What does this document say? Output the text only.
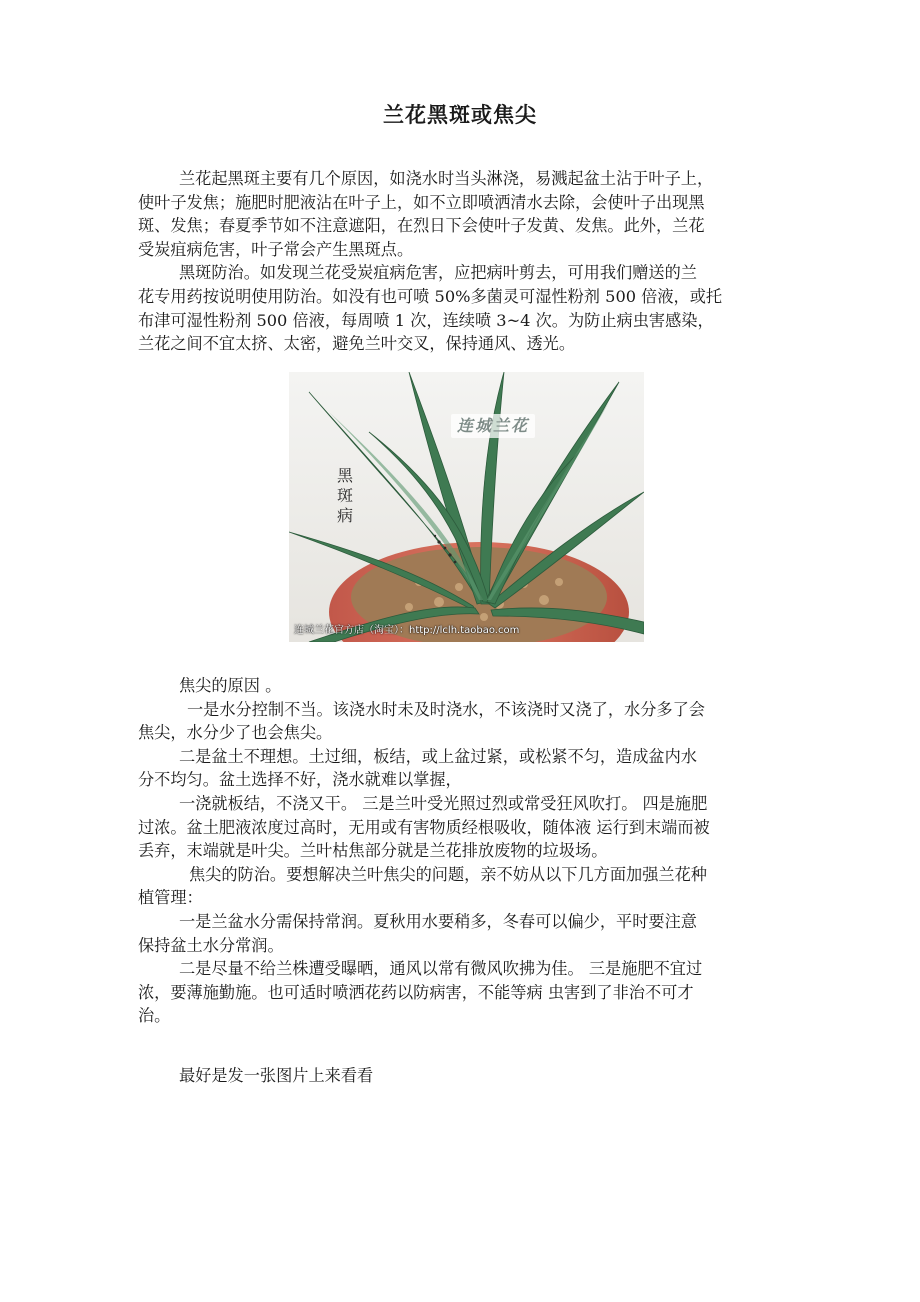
兰花黑斑或焦尖

兰花起黑斑主要有几个原因，如浇水时当头淋浇，易溅起盆土沾于叶子上，

使叶子发焦；施肥时肥液沾在叶子上，如不立即喷洒清水去除，会使叶子出现黑

斑、发焦；春夏季节如不注意遮阳，在烈日下会使叶子发黄、发焦。此外，兰花

受炭疽病危害，叶子常会产生黑斑点。

黑斑防治。如发现兰花受炭疽病危害，应把病叶剪去，可用我们赠送的兰

花专用药按说明使用防治。如没有也可喷 50%多菌灵可湿性粉剂 500 倍液，或托

布津可湿性粉剂 500 倍液，每周喷 1 次，连续喷 3~4 次。为防止病虫害感染，

兰花之间不宜太挤、太密，避免兰叶交叉，保持通风、透光。

黑斑病
连城兰花
连城兰花官方店（淘宝）：http://lclh.taobao.com

焦尖的原因 。

一是水分控制不当。该浇水时未及时浇水，不该浇时又浇了，水分多了会

焦尖，水分少了也会焦尖。

二是盆土不理想。土过细，板结，或上盆过紧，或松紧不匀，造成盆内水

分不均匀。盆土选择不好，浇水就难以掌握，

一浇就板结，不浇又干。 三是兰叶受光照过烈或常受狂风吹打。 四是施肥

过浓。盆土肥液浓度过高时，无用或有害物质经根吸收，随体液 运行到末端而被

丢弃，末端就是叶尖。兰叶枯焦部分就是兰花排放废物的垃圾场。

焦尖的防治。要想解决兰叶焦尖的问题，亲不妨从以下几方面加强兰花种

植管理：

一是兰盆水分需保持常润。夏秋用水要稍多，冬春可以偏少，平时要注意

保持盆土水分常润。

二是尽量不给兰株遭受曝晒，通风以常有微风吹拂为佳。 三是施肥不宜过

浓，要薄施勤施。也可适时喷洒花药以防病害，不能等病 虫害到了非治不可才

治。

最好是发一张图片上来看看
